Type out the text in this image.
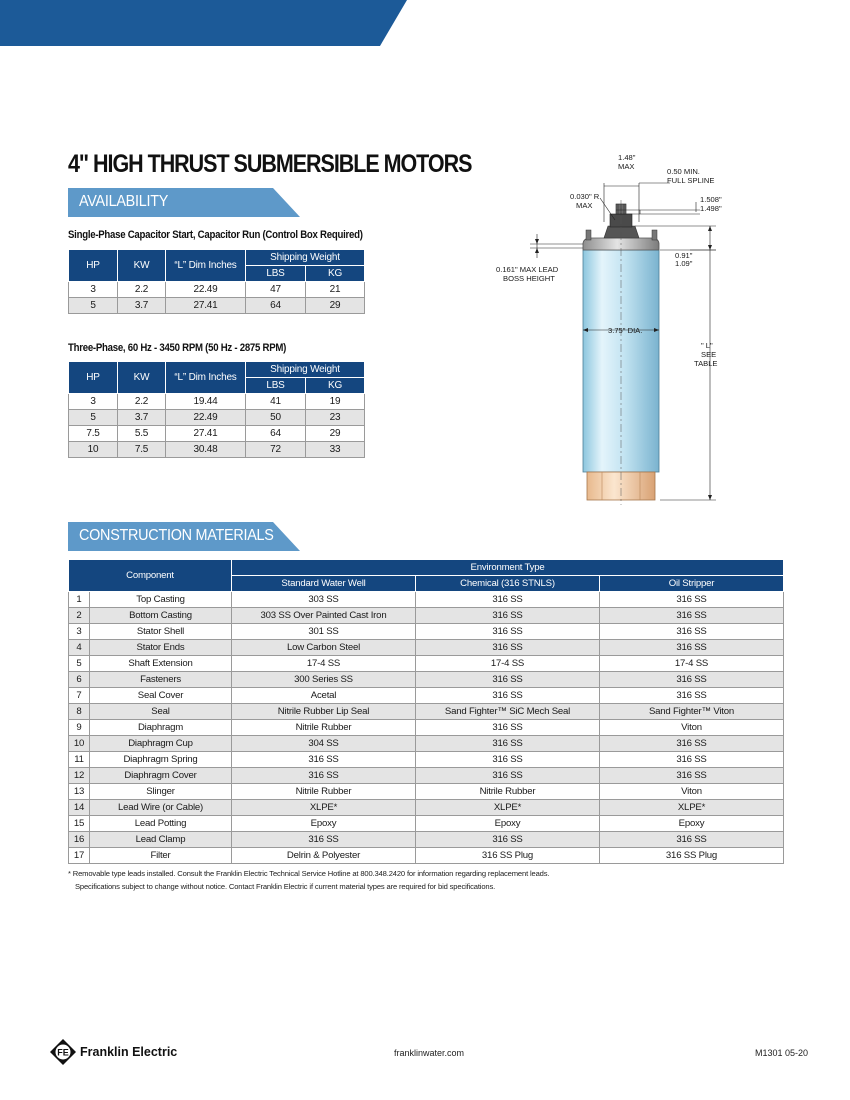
4" HIGH THRUST SUBMERSIBLE MOTORS
AVAILABILITY
Single-Phase Capacitor Start, Capacitor Run (Control Box Required)
HP	KW	“L” Dim Inches	Shipping Weight	
			LBS	KG
3	2.2	22.49	47	21
5	3.7	27.41	64	29
Three-Phase, 60 Hz - 3450 RPM (50 Hz - 2875 RPM)
HP	KW	“L” Dim Inches	Shipping Weight	
			LBS	KG
3	2.2	19.44	41	19
5	3.7	22.49	50	23
7.5	5.5	27.41	64	29
10	7.5	30.48	72	33
1.48"
MAX
0.50 MIN.
FULL SPLINE
0.030" R
MAX
1.508"
1.498"
0.91"
1.09"
0.161" MAX LEAD
BOSS HEIGHT
3.75" DIA.
" L"
SEE
TABLE
CONSTRUCTION MATERIALS
Component		Environment Type		
		Standard Water Well	Chemical (316 STNLS)	Oil Stripper
1	Top Casting	303 SS	316 SS	316 SS
2	Bottom Casting	303 SS Over Painted Cast Iron	316 SS	316 SS
3	Stator Shell	301 SS	316 SS	316 SS
4	Stator Ends	Low Carbon Steel	316 SS	316 SS
5	Shaft Extension	17-4 SS	17-4 SS	17-4 SS
6	Fasteners	300 Series SS	316 SS	316 SS
7	Seal Cover	Acetal	316 SS	316 SS
8	Seal	Nitrile Rubber Lip Seal	Sand Fighter™ SiC Mech Seal	Sand Fighter™ Viton
9	Diaphragm	Nitrile Rubber	316 SS	Viton
10	Diaphragm Cup	304 SS	316 SS	316 SS
11	Diaphragm Spring	316 SS	316 SS	316 SS
12	Diaphragm Cover	316 SS	316 SS	316 SS
13	Slinger	Nitrile Rubber	Nitrile Rubber	Viton
14	Lead Wire (or Cable)	XLPE*	XLPE*	XLPE*
15	Lead Potting	Epoxy	Epoxy	Epoxy
16	Lead Clamp	316 SS	316 SS	316 SS
17	Filter	Delrin & Polyester	316 SS Plug	316 SS Plug
* Removable type leads installed. Consult the Franklin Electric Technical Service Hotline at 800.348.2420 for information regarding replacement leads.
Specifications subject to change without notice. Contact Franklin Electric if current material types are required for bid specifications.
FE Franklin Electric	franklinwater.com	M1301 05-20
